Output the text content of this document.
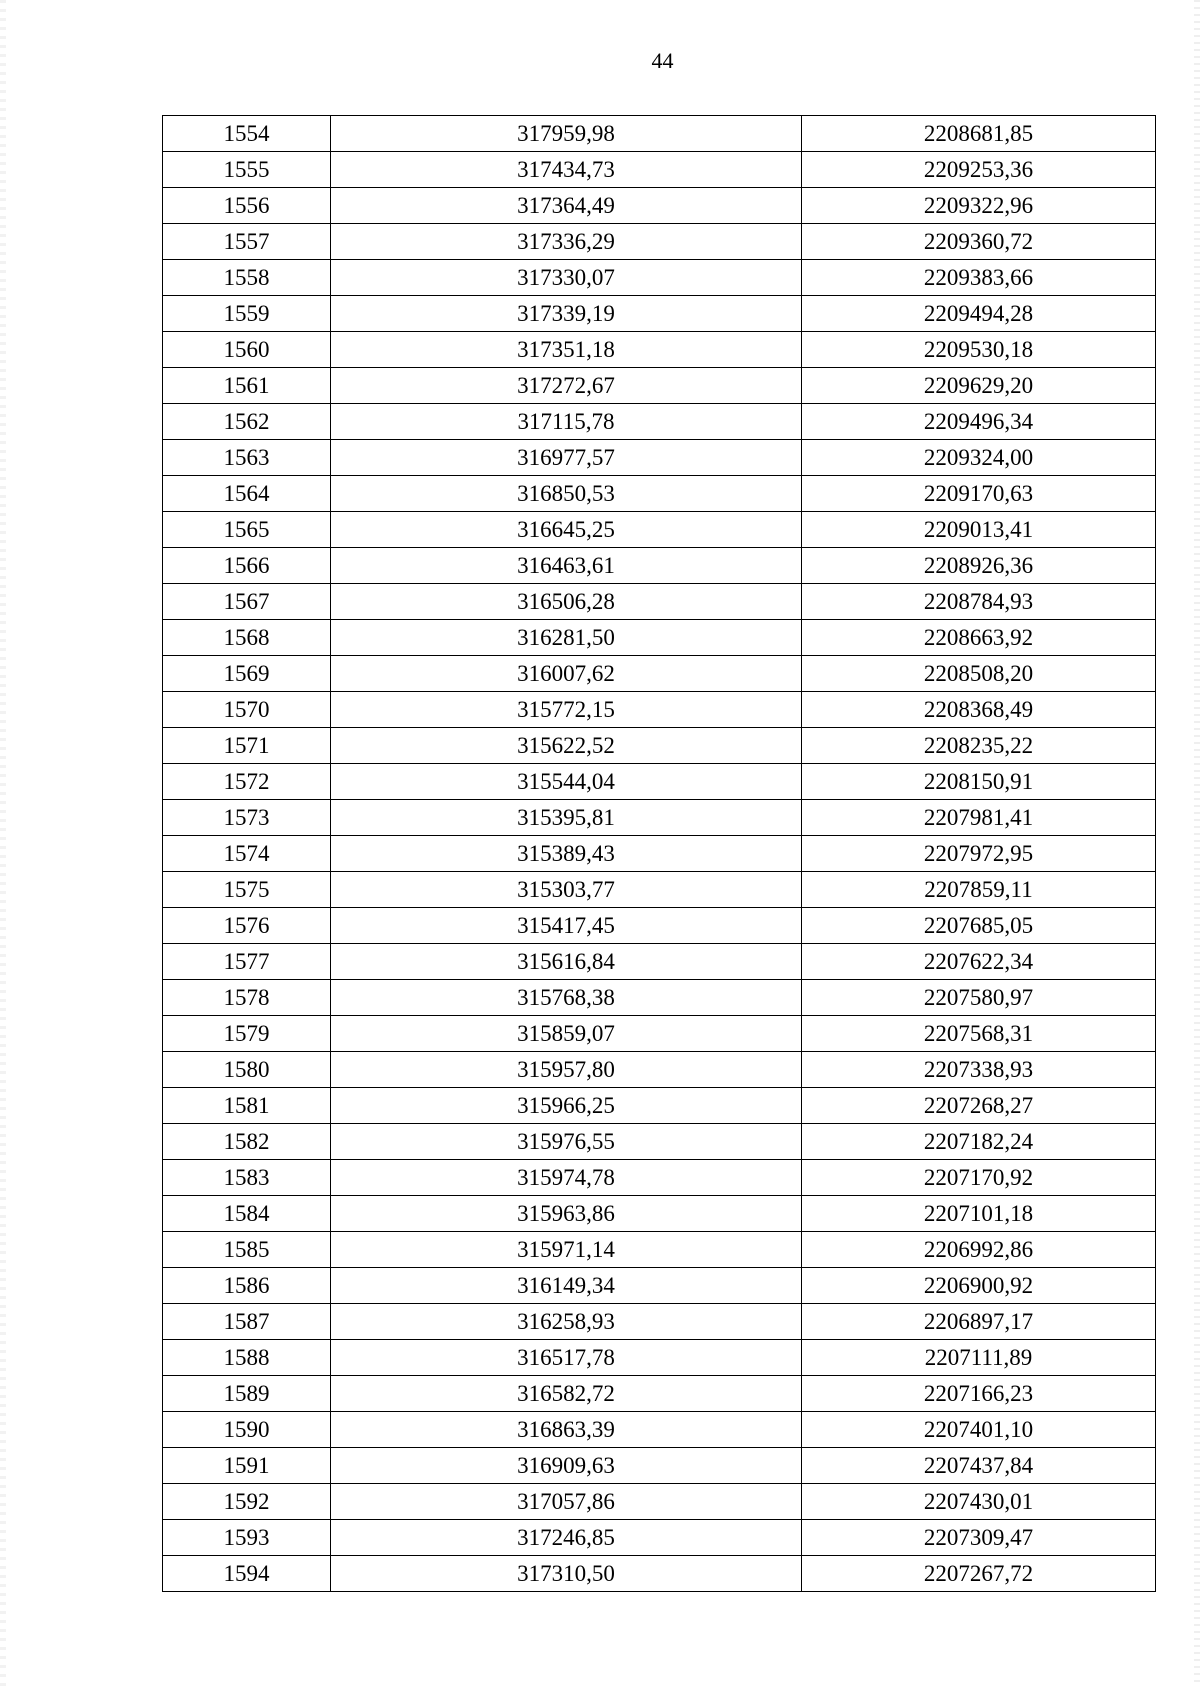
44
1554	317959,98	2208681,85
1555	317434,73	2209253,36
1556	317364,49	2209322,96
1557	317336,29	2209360,72
1558	317330,07	2209383,66
1559	317339,19	2209494,28
1560	317351,18	2209530,18
1561	317272,67	2209629,20
1562	317115,78	2209496,34
1563	316977,57	2209324,00
1564	316850,53	2209170,63
1565	316645,25	2209013,41
1566	316463,61	2208926,36
1567	316506,28	2208784,93
1568	316281,50	2208663,92
1569	316007,62	2208508,20
1570	315772,15	2208368,49
1571	315622,52	2208235,22
1572	315544,04	2208150,91
1573	315395,81	2207981,41
1574	315389,43	2207972,95
1575	315303,77	2207859,11
1576	315417,45	2207685,05
1577	315616,84	2207622,34
1578	315768,38	2207580,97
1579	315859,07	2207568,31
1580	315957,80	2207338,93
1581	315966,25	2207268,27
1582	315976,55	2207182,24
1583	315974,78	2207170,92
1584	315963,86	2207101,18
1585	315971,14	2206992,86
1586	316149,34	2206900,92
1587	316258,93	2206897,17
1588	316517,78	2207111,89
1589	316582,72	2207166,23
1590	316863,39	2207401,10
1591	316909,63	2207437,84
1592	317057,86	2207430,01
1593	317246,85	2207309,47
1594	317310,50	2207267,72
